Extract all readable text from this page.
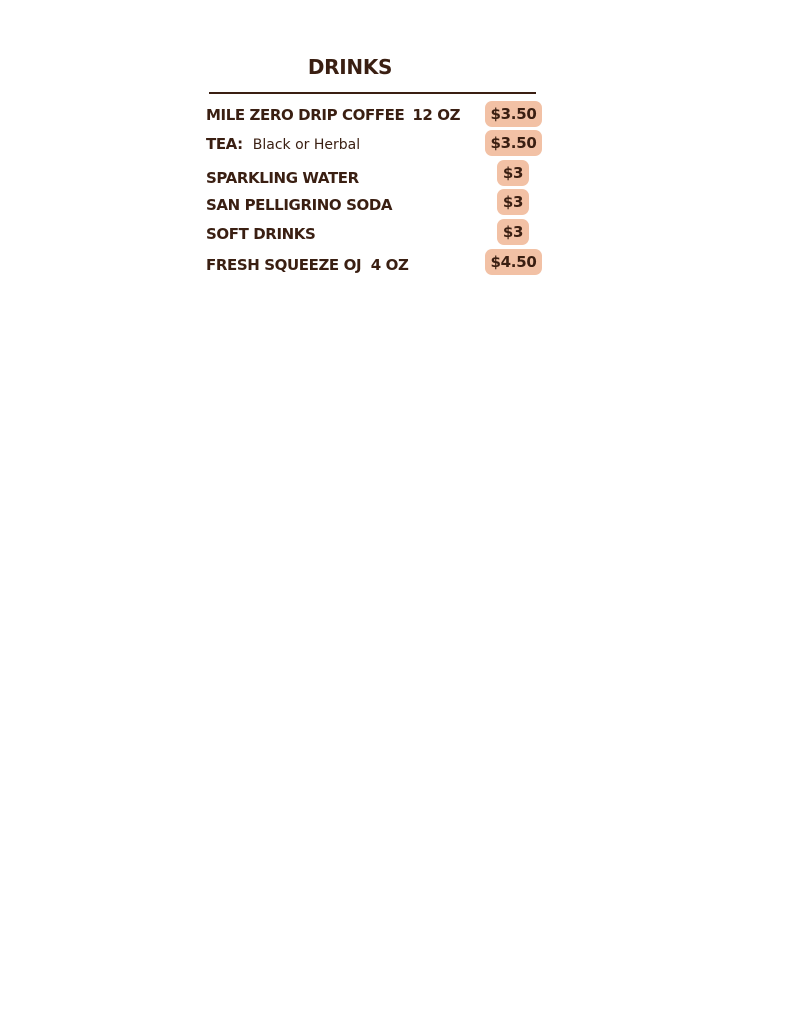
DRINKS
MILE ZERO DRIP COFFEE 12 OZ	$3.50
TEA: Black or Herbal	$3.50
SPARKLING WATER	$3
SAN PELLIGRINO SODA	$3
SOFT DRINKS	$3
FRESH SQUEEZE OJ  4 OZ	$4.50
